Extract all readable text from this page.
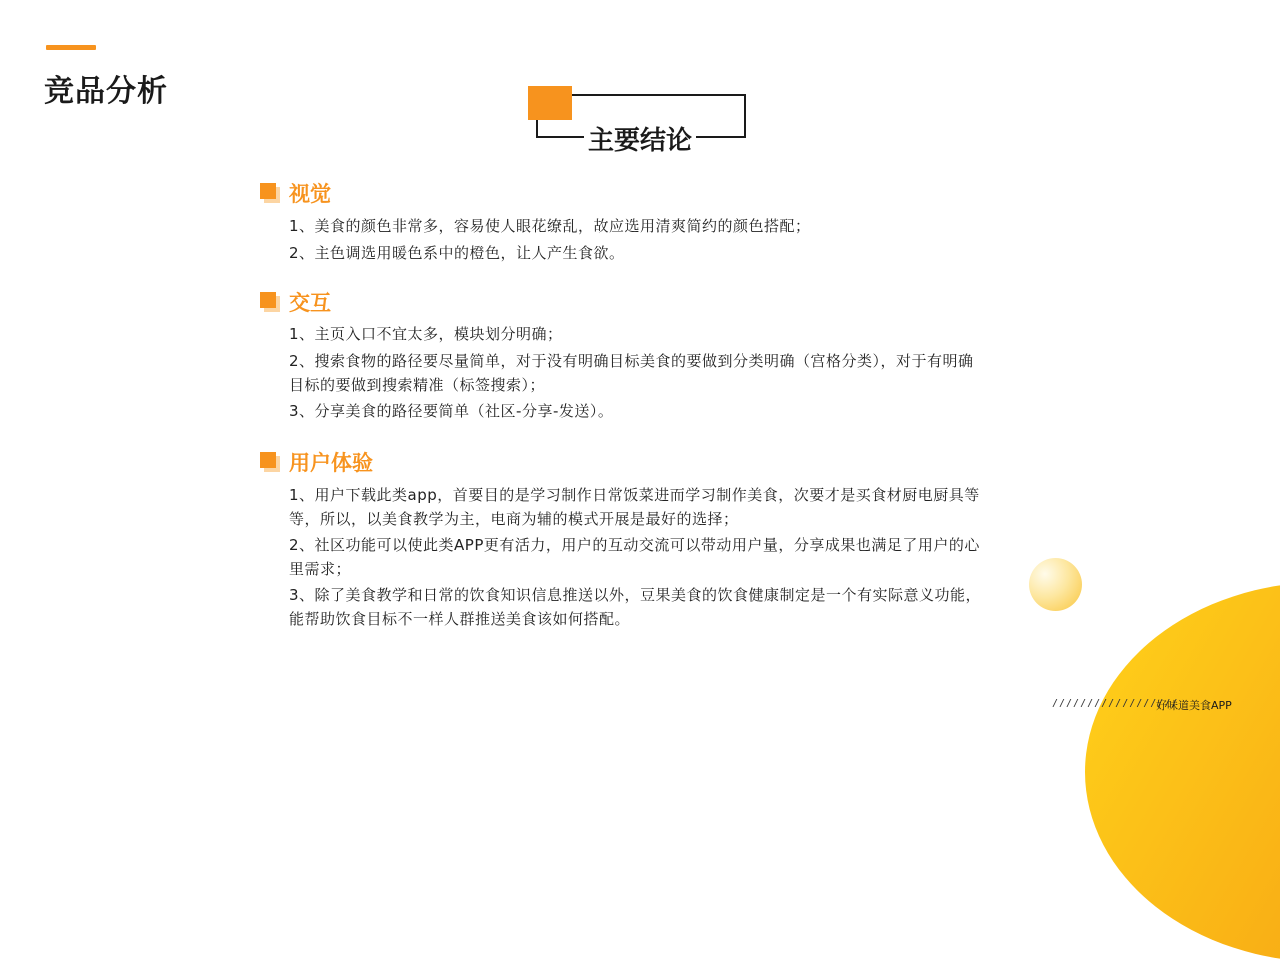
竞品分析
主要结论
视觉
1、美食的颜色非常多，容易使人眼花缭乱，故应选用清爽简约的颜色搭配；
2、主色调选用暖色系中的橙色，让人产生食欲。
交互
1、主页入口不宜太多，模块划分明确；
2、搜索食物的路径要尽量简单，对于没有明确目标美食的要做到分类明确（宫格分类），对于有明确目标的要做到搜索精准（标签搜索）；
3、分享美食的路径要简单（社区-分享-发送）。
用户体验
1、用户下载此类app，首要目的是学习制作日常饭菜进而学习制作美食，次要才是买食材厨电厨具等等，所以，以美食教学为主，电商为辅的模式开展是最好的选择；
2、社区功能可以使此类APP更有活力，用户的互动交流可以带动用户量，分享成果也满足了用户的心里需求；
3、除了美食教学和日常的饮食知识信息推送以外，豆果美食的饮食健康制定是一个有实际意义功能，能帮助饮食目标不一样人群推送美食该如何搭配。
//////////////////
好味道美食APP
